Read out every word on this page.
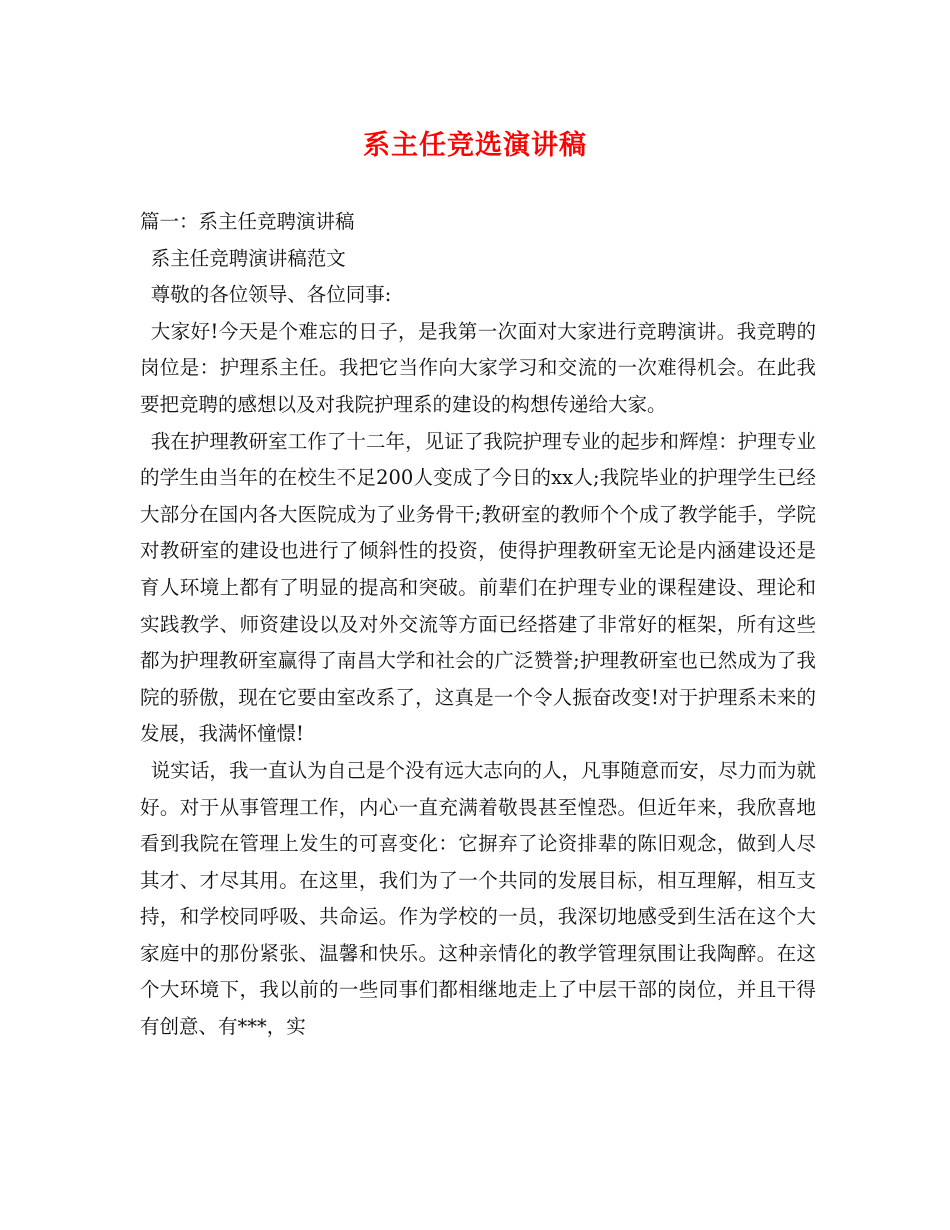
系主任竞选演讲稿

篇一：系主任竞聘演讲稿

系主任竞聘演讲稿范文

尊敬的各位领导、各位同事:

大家好!今天是个难忘的日子，是我第一次面对大家进行竞聘演讲。我竞聘的岗位是：护理系主任。我把它当作向大家学习和交流的一次难得机会。在此我要把竞聘的感想以及对我院护理系的建设的构想传递给大家。

我在护理教研室工作了十二年，见证了我院护理专业的起步和辉煌：护理专业的学生由当年的在校生不足200人变成了今日的xx人;我院毕业的护理学生已经大部分在国内各大医院成为了业务骨干;教研室的教师个个成了教学能手，学院对教研室的建设也进行了倾斜性的投资，使得护理教研室无论是内涵建设还是育人环境上都有了明显的提高和突破。前辈们在护理专业的课程建设、理论和实践教学、师资建设以及对外交流等方面已经搭建了非常好的框架，所有这些都为护理教研室赢得了南昌大学和社会的广泛赞誉;护理教研室也已然成为了我院的骄傲，现在它要由室改系了，这真是一个令人振奋改变!对于护理系未来的发展，我满怀憧憬!

说实话，我一直认为自己是个没有远大志向的人，凡事随意而安，尽力而为就好。对于从事管理工作，内心一直充满着敬畏甚至惶恐。但近年来，我欣喜地看到我院在管理上发生的可喜变化：它摒弃了论资排辈的陈旧观念，做到人尽其才、才尽其用。在这里，我们为了一个共同的发展目标，相互理解，相互支持，和学校同呼吸、共命运。作为学校的一员，我深切地感受到生活在这个大家庭中的那份紧张、温馨和快乐。这种亲情化的教学管理氛围让我陶醉。在这个大环境下，我以前的一些同事们都相继地走上了中层干部的岗位，并且干得有创意、有***，实
